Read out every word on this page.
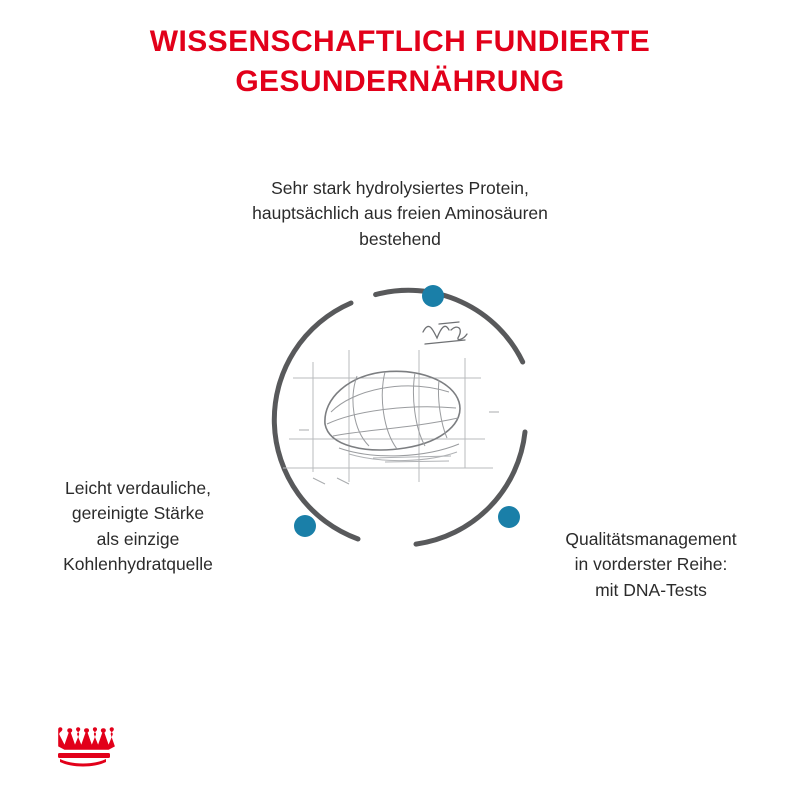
WISSENSCHAFTLICH FUNDIERTE
GESUNDERNÄHRUNG
Sehr stark hydrolysiertes Protein,
hauptsächlich aus freien Aminosäuren
bestehend
Leicht verdauliche,
gereinigte Stärke
als einzige
Kohlenhydratquelle
Qualitätsmanagement
in vorderster Reihe:
mit DNA-Tests
